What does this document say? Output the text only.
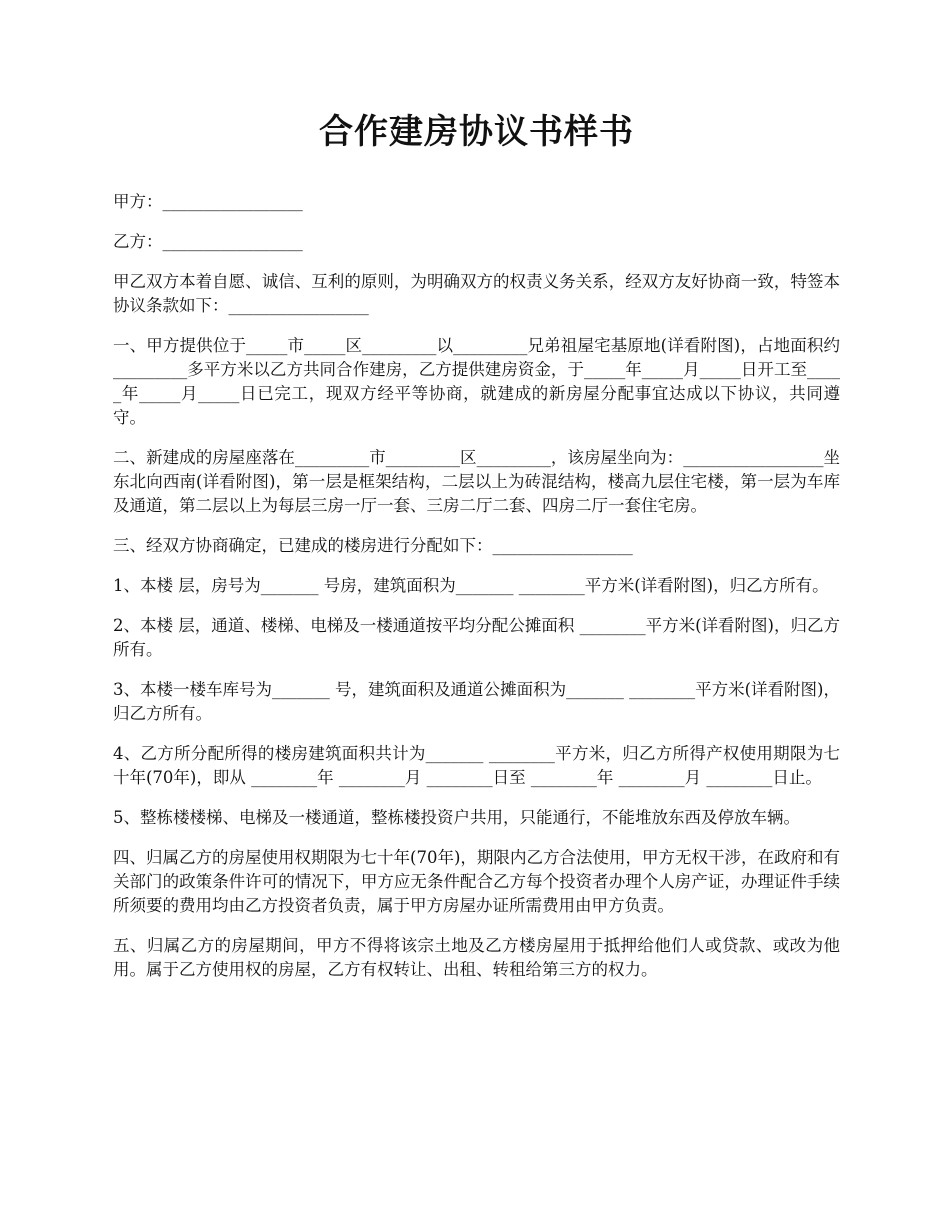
合作建房协议书样书

甲方：_________________

乙方：_________________

甲乙双方本着自愿、诚信、互利的原则，为明确双方的权责义务关系，经双方友好协商一致，特签本协议条款如下：_________________

一、甲方提供位于_____市_____区_________以_________兄弟祖屋宅基原地(详看附图)，占地面积约_________多平方米以乙方共同合作建房，乙方提供建房资金，于_____年_____月_____日开工至_____年_____月_____日已完工，现双方经平等协商，就建成的新房屋分配事宜达成以下协议，共同遵守。

二、新建成的房屋座落在_________市_________区_________，该房屋坐向为：_________________坐东北向西南(详看附图)，第一层是框架结构，二层以上为砖混结构，楼高九层住宅楼，第一层为车库及通道，第二层以上为每层三房一厅一套、三房二厅二套、四房二厅一套住宅房。

三、经双方协商确定，已建成的楼房进行分配如下：_________________

1、本楼 层，房号为_______ 号房，建筑面积为_______ ________平方米(详看附图)，归乙方所有。

2、本楼 层，通道、楼梯、电梯及一楼通道按平均分配公摊面积 ________平方米(详看附图)，归乙方所有。

3、本楼一楼车库号为_______ 号，建筑面积及通道公摊面积为_______ ________平方米(详看附图)，归乙方所有。

4、乙方所分配所得的楼房建筑面积共计为_______ ________平方米，归乙方所得产权使用期限为七十年(70年)，即从 ________年 ________月 ________日至 ________年 ________月 ________日止。

5、整栋楼楼梯、电梯及一楼通道，整栋楼投资户共用，只能通行，不能堆放东西及停放车辆。

四、归属乙方的房屋使用权期限为七十年(70年)，期限内乙方合法使用，甲方无权干涉，在政府和有关部门的政策条件许可的情况下，甲方应无条件配合乙方每个投资者办理个人房产证，办理证件手续所须要的费用均由乙方投资者负责，属于甲方房屋办证所需费用由甲方负责。

五、归属乙方的房屋期间，甲方不得将该宗土地及乙方楼房屋用于抵押给他们人或贷款、或改为他用。属于乙方使用权的房屋，乙方有权转让、出租、转租给第三方的权力。
